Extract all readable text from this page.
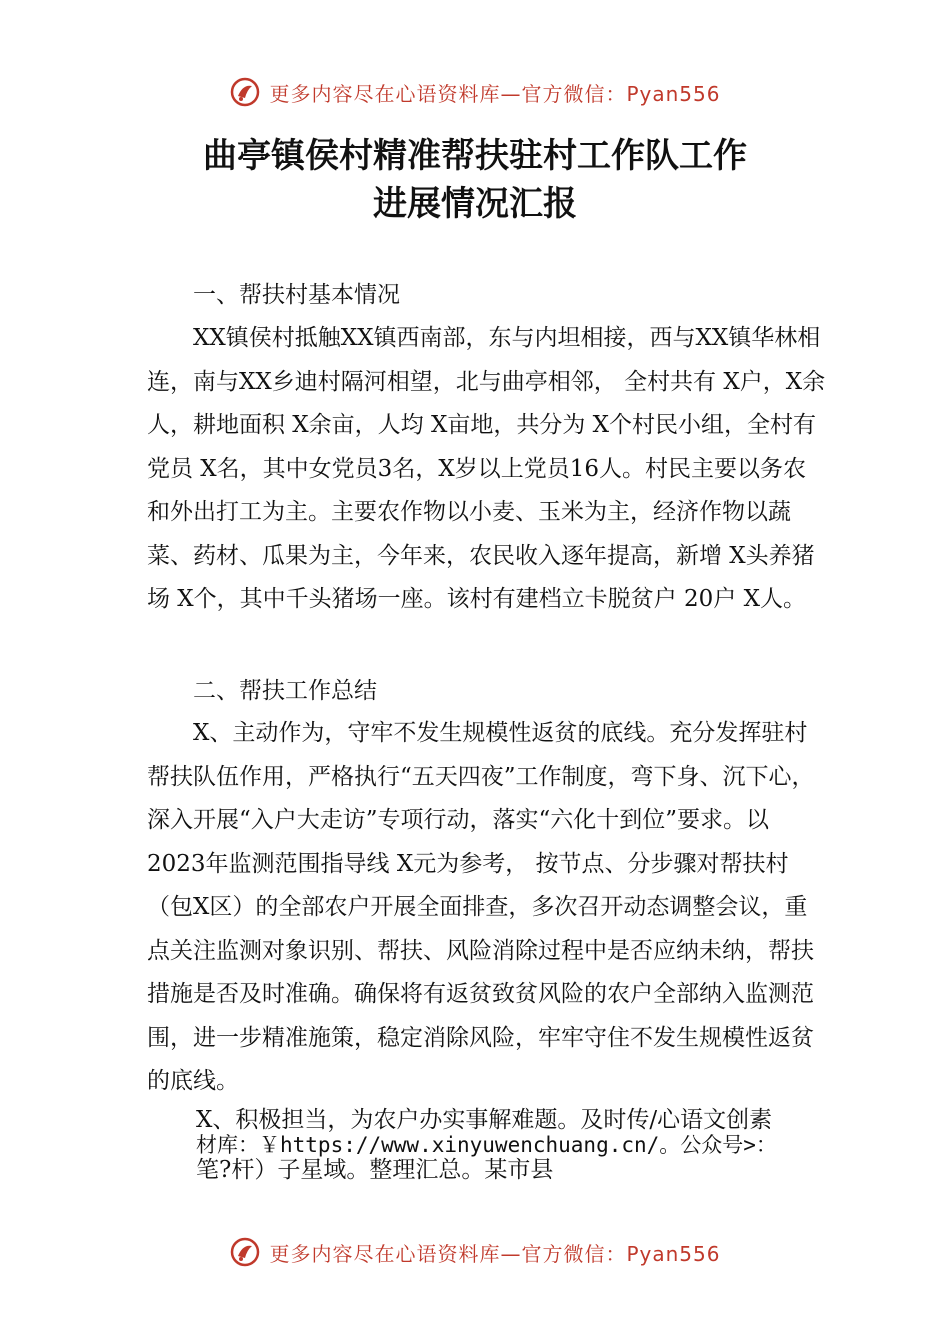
更多内容尽在心语资料库—官方微信：Pyan556
曲亭镇侯村精准帮扶驻村工作队工作
进展情况汇报

一、帮扶村基本情况

XX镇侯村抵触XX镇西南部，东与内坦相接，西与XX镇华林相连，南与XX乡迪村隔河相望，北与曲亭相邻， 全村共有 X户，X余人，耕地面积 X余亩，人均 X亩地，共分为 X个村民小组，全村有党员 X名，其中女党员3名，X岁以上党员16人。村民主要以务农和外出打工为主。主要农作物以小麦、玉米为主，经济作物以蔬菜、药材、瓜果为主，今年来，农民收入逐年提高，新增 X头养猪场 X个，其中千头猪场一座。该村有建档立卡脱贫户 20户 X人。

二、帮扶工作总结

X、主动作为，守牢不发生规模性返贫的底线。充分发挥驻村帮扶队伍作用，严格执行“五天四夜”工作制度，弯下身、沉下心，深入开展“入户大走访”专项行动，落实“六化十到位”要求。以2023年监测范围指导线 X元为参考， 按节点、分步骤对帮扶村（包X区）的全部农户开展全面排查，多次召开动态调整会议，重点关注监测对象识别、帮扶、风险消除过程中是否应纳未纳，帮扶措施是否及时准确。确保将有返贫致贫风险的农户全部纳入监测范围，进一步精准施策，稳定消除风险，牢牢守住不发生规模性返贫的底线。

X、积极担当，为农户办实事解难题。及时传/心语文创素
材库：￥https://www.xinyuwenchuang.cn/。公众号>：
笔?杆）子星域。整理汇总。某市县
更多内容尽在心语资料库—官方微信：Pyan556
